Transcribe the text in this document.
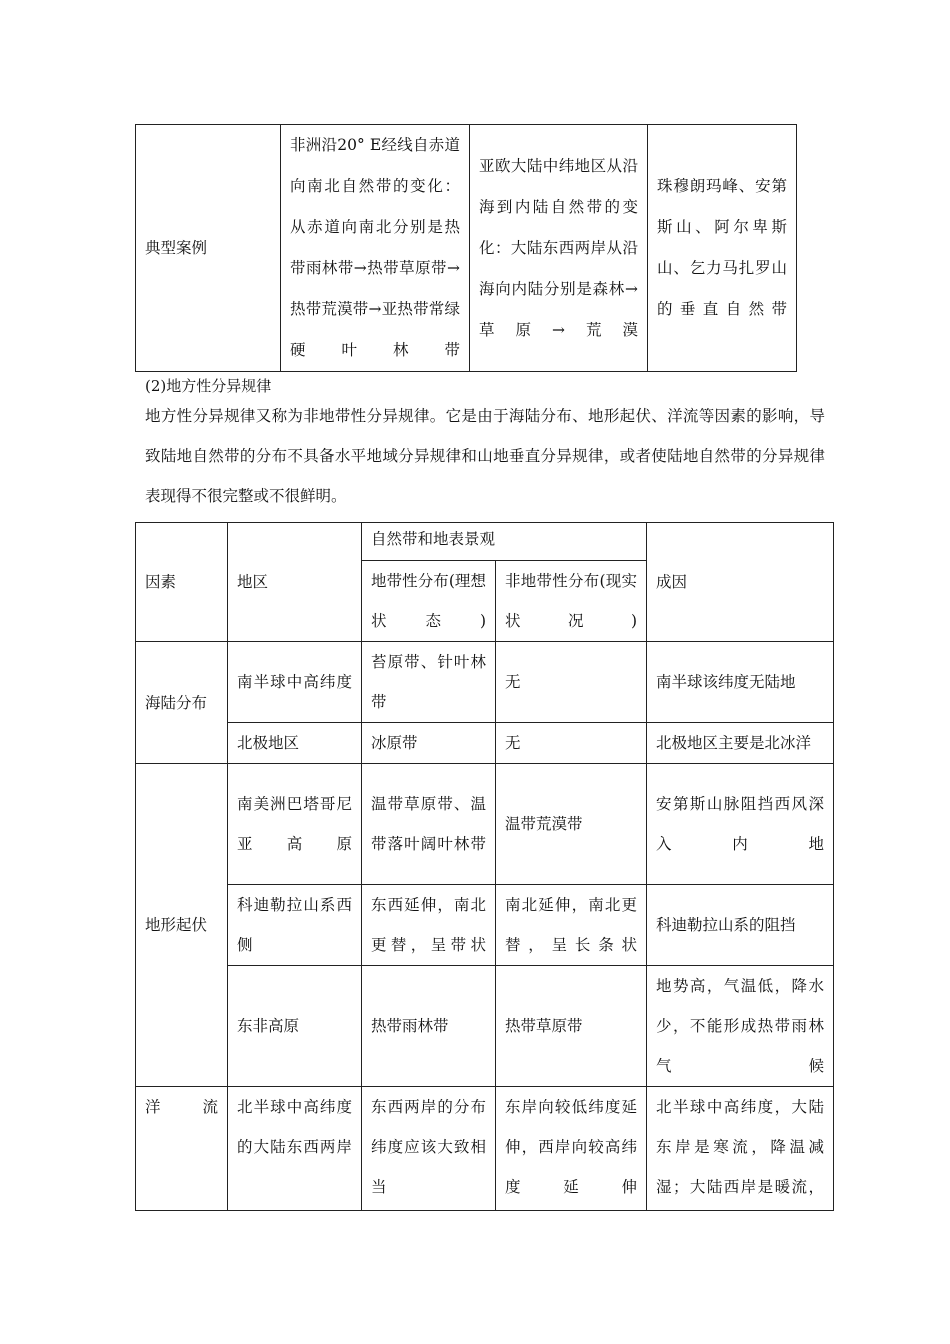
典型案例	非洲沿20° E经线自赤道向南北自然带的变化：从赤道向南北分别是热带雨林带→热带草原带→热带荒漠带→亚热带常绿硬叶林带	亚欧大陆中纬地区从沿海到内陆自然带的变化：大陆东西两岸从沿海向内陆分别是森林→草原→荒漠	珠穆朗玛峰、安第斯山、阿尔卑斯山、乞力马扎罗山的垂直自然带
(2)地方性分异规律
地方性分异规律又称为非地带性分异规律。它是由于海陆分布、地形起伏、洋流等因素的影响，导致陆地自然带的分布不具备水平地域分异规律和山地垂直分异规律，或者使陆地自然带的分异规律表现得不很完整或不很鲜明。
因素	地区	自然带和地表景观		成因
		地带性分布(理想状态)	非地带性分布(现实状况)	
海陆分布	南半球中高纬度	苔原带、针叶林带	无	南半球该纬度无陆地
	北极地区	冰原带	无	北极地区主要是北冰洋
地形起伏	南美洲巴塔哥尼亚高原	温带草原带、温带落叶阔叶林带	温带荒漠带	安第斯山脉阻挡西风深入内地
	科迪勒拉山系西侧	东西延伸，南北更替，呈带状	南北延伸，南北更替，呈长条状	科迪勒拉山系的阻挡
	东非高原	热带雨林带	热带草原带	地势高，气温低，降水少，不能形成热带雨林气候

洋流	北半球中高纬度的大陆东西两岸	东西两岸的分布纬度应该大致相当	东岸向较低纬度延伸，西岸向较高纬度延伸	北半球中高纬度，大陆东岸是寒流，降温减湿；大陆西岸是暖流，
